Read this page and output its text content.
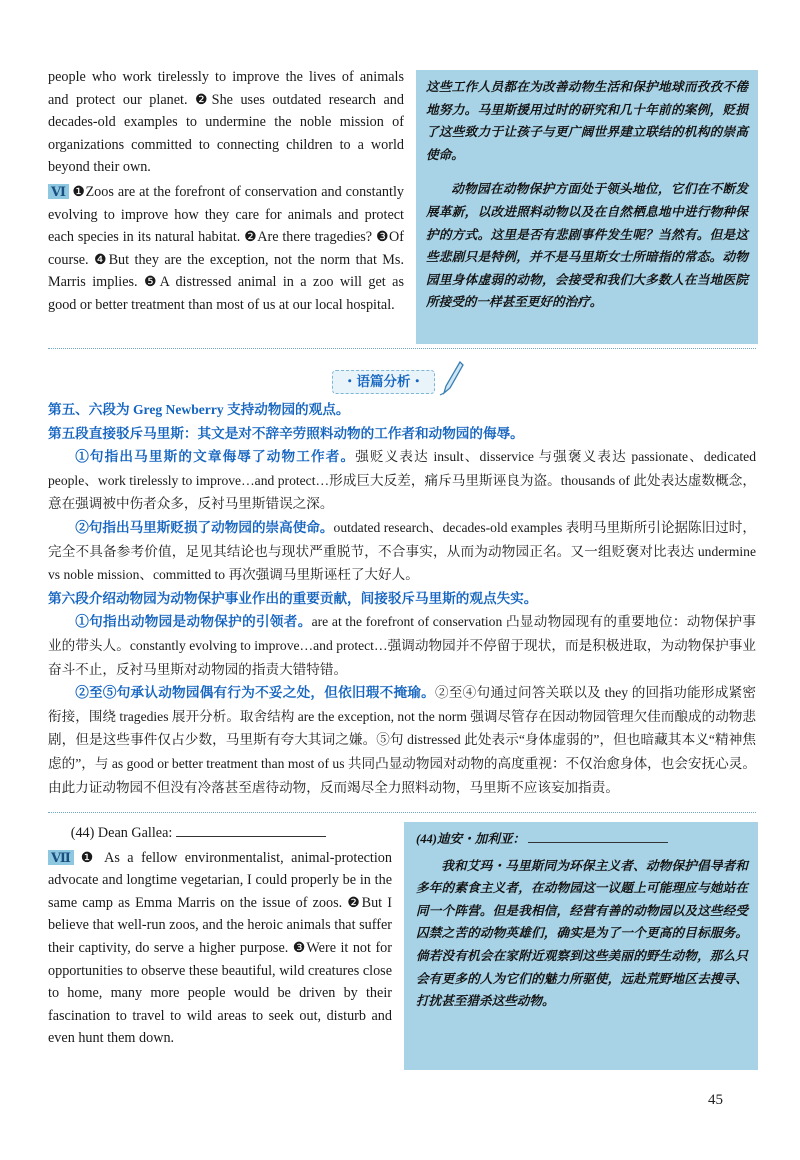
people who work tirelessly to improve the lives of animals and protect our planet. ❷She uses outdated research and decades-old examples to undermine the noble mission of organizations committed to connecting children to a world beyond their own.
Ⅵ ❶Zoos are at the forefront of conservation and constantly evolving to improve how they care for animals and protect each species in its natural habitat. ❷Are there tragedies? ❸Of course. ❹But they are the exception, not the norm that Ms. Marris implies. ❺A distressed animal in a zoo will get as good or better treatment than most of us at our local hospital.
这些工作人员都在为改善动物生活和保护地球而孜孜不倦地努力。马里斯援用过时的研究和几十年前的案例，贬损了这些致力于让孩子与更广阔世界建立联结的机构的崇高使命。
动物园在动物保护方面处于领头地位，它们在不断发展革新，以改进照料动物以及在自然栖息地中进行物种保护的方式。这里是否有悲剧事件发生呢？当然有。但是这些悲剧只是特例，并不是马里斯女士所暗指的常态。动物园里身体虚弱的动物，会接受和我们大多数人在当地医院所接受的一样甚至更好的治疗。
・语篇分析・

第五、六段为 Greg Newberry 支持动物园的观点。

第五段直接驳斥马里斯：其文是对不辞辛劳照料动物的工作者和动物园的侮辱。

①句指出马里斯的文章侮辱了动物工作者。强贬义表达 insult、disservice 与强褒义表达 passionate、dedicated people、work tirelessly to improve…and protect…形成巨大反差，痛斥马里斯诬良为盗。thousands of 此处表达虚数概念，意在强调被中伤者众多，反衬马里斯错误之深。

②句指出马里斯贬损了动物园的崇高使命。outdated research、decades-old examples 表明马里斯所引论据陈旧过时，完全不具备参考价值，足见其结论也与现状严重脱节，不合事实，从而为动物园正名。又一组贬褒对比表达 undermine vs noble mission、committed to 再次强调马里斯诬枉了大好人。

第六段介绍动物园为动物保护事业作出的重要贡献，间接驳斥马里斯的观点失实。

①句指出动物园是动物保护的引领者。are at the forefront of conservation 凸显动物园现有的重要地位：动物保护事业的带头人。constantly evolving to improve…and protect…强调动物园并不停留于现状，而是积极进取，为动物保护事业奋斗不止，反衬马里斯对动物园的指责大错特错。

②至⑤句承认动物园偶有行为不妥之处，但依旧瑕不掩瑜。②至④句通过问答关联以及 they 的回指功能形成紧密衔接，围绕 tragedies 展开分析。取舍结构 are the exception, not the norm 强调尽管存在因动物园管理欠佳而酿成的动物悲剧，但是这些事件仅占少数，马里斯有夸大其词之嫌。⑤句 distressed 此处表示“身体虚弱的”，但也暗藏其本义“精神焦虑的”，与 as good or better treatment than most of us 共同凸显动物园对动物的高度重视：不仅治愈身体，也会安抚心灵。由此力证动物园不但没有冷落甚至虐待动物，反而竭尽全力照料动物，马里斯不应该妄加指责。

(44) Dean Gallea:
Ⅶ ❶ As a fellow environmentalist, animal-protection advocate and longtime vegetarian, I could properly be in the same camp as Emma Marris on the issue of zoos. ❷But I believe that well-run zoos, and the heroic animals that suffer their captivity, do serve a higher purpose. ❸Were it not for opportunities to observe these beautiful, wild creatures close to home, many more people would be driven by their fascination to travel to wild areas to seek out, disturb and even hunt them down.
(44)迪安・加利亚：
我和艾玛・马里斯同为环保主义者、动物保护倡导者和多年的素食主义者，在动物园这一议题上可能理应与她站在同一个阵营。但是我相信，经营有善的动物园以及这些经受囚禁之苦的动物英雄们，确实是为了一个更高的目标服务。倘若没有机会在家附近观察到这些美丽的野生动物，那么只会有更多的人为它们的魅力所驱使，远赴荒野地区去搜寻、打扰甚至猎杀这些动物。
45
